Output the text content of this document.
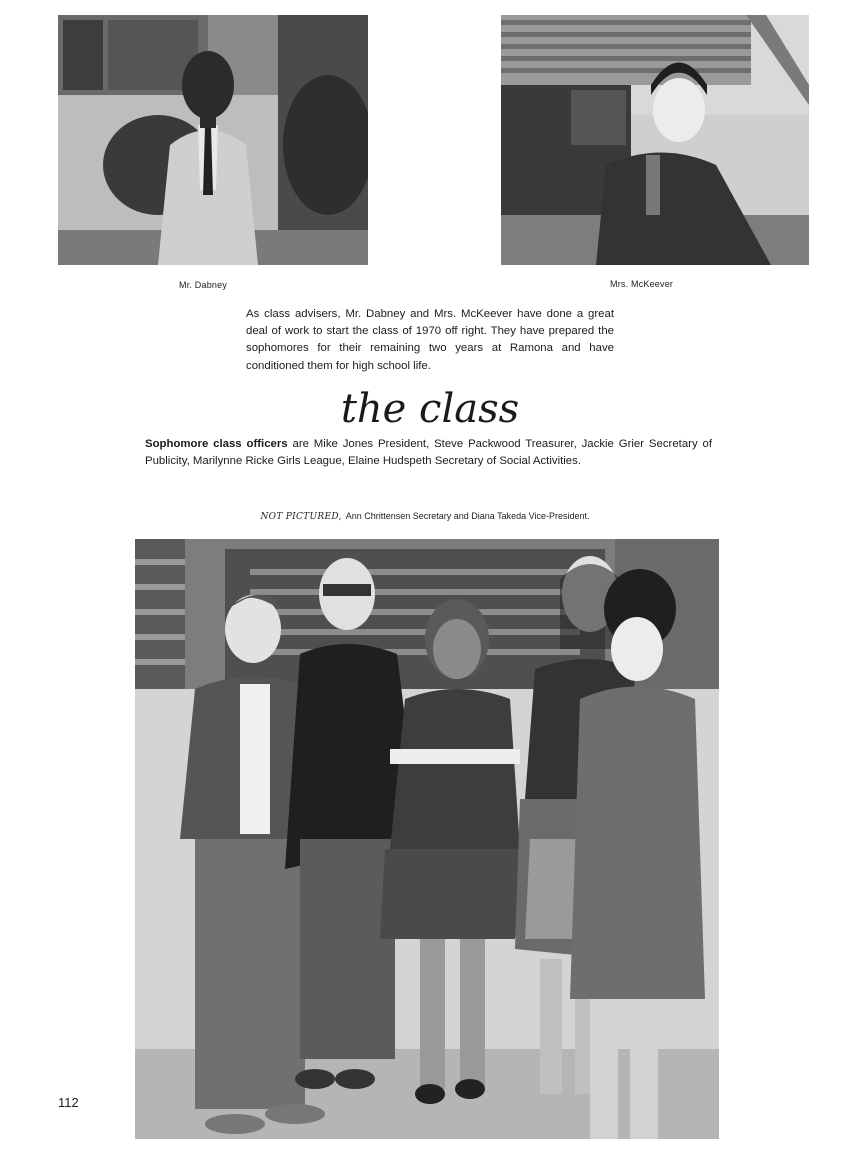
Mr. Dabney	Mrs. McKeever

As class advisers, Mr. Dabney and Mrs. McKeever have done a great deal of work to start the class of 1970 off right. They have prepared the sophomores for their remaining two years at Ramona and have conditioned them for high school life.

the class

Sophomore class officers are Mike Jones President, Steve Packwood Treasurer, Jackie Grier Secretary of Publicity, Marilynne Ricke Girls League, Elaine Hudspeth Secretary of Social Activities.

NOT PICTURED, Ann Chrittensen Secretary and Diana Takeda Vice-President.
112
